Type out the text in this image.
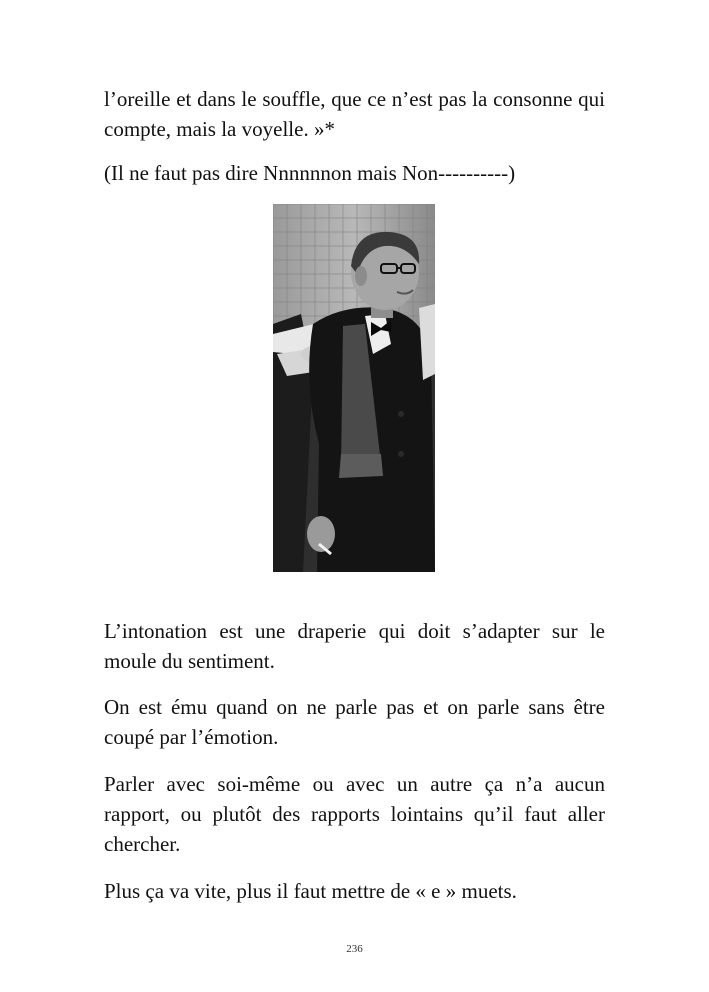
l’oreille et dans le souffle, que ce n’est pas la consonne qui compte, mais la voyelle. »*

(Il ne faut pas dire Nnnnnnon mais Non----------)

L’intonation est une draperie qui doit s’adapter sur le moule du sentiment.

On est ému quand on ne parle pas et on parle sans être coupé par l’émotion.

Parler avec soi-même ou avec un autre ça n’a aucun rapport, ou plutôt des rapports lointains qu’il faut aller chercher.

Plus ça va vite, plus il faut mettre de « e » muets.

236
